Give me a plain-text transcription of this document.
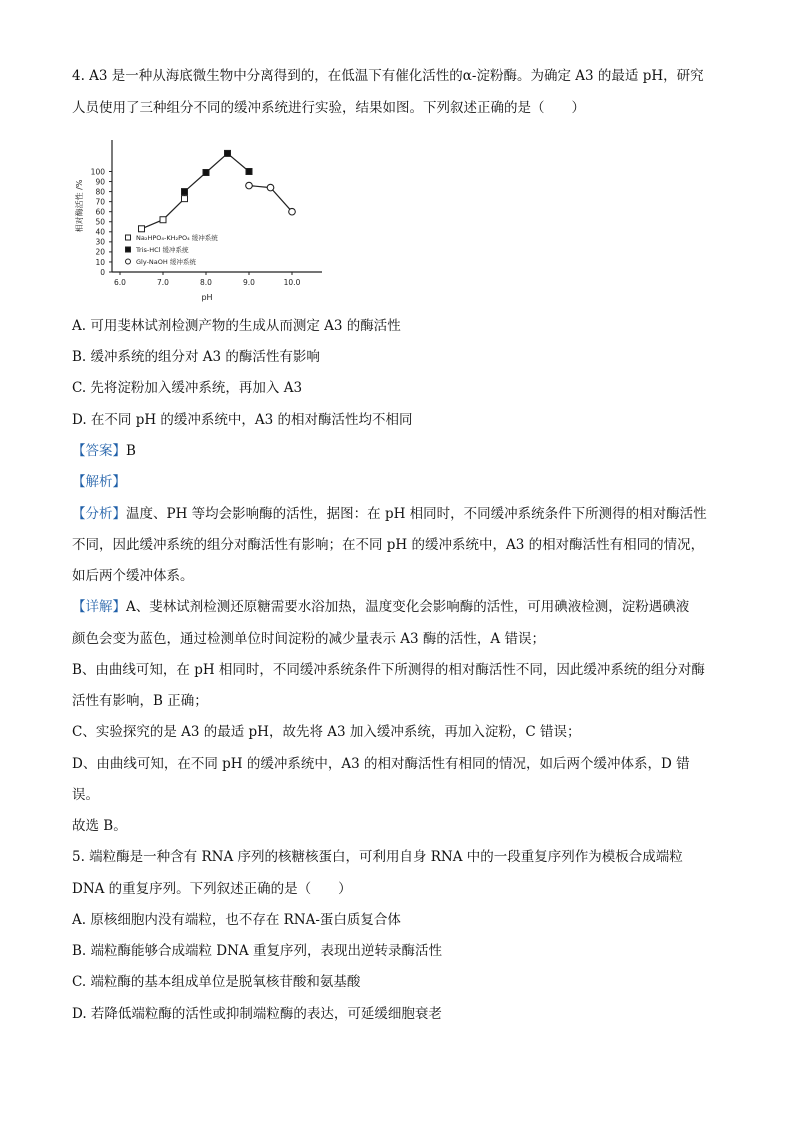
4. A3 是一种从海底微生物中分离得到的，在低温下有催化活性的α-淀粉酶。为确定 A3 的最适 pH，研究
人员使用了三种组分不同的缓冲系统进行实验，结果如图。下列叙述正确的是（　　）
0
10
20
30
40
50
60
70
80
90
100
6.0	7.0	8.0	9.0	10.0
相对酶活性 /%
pH
Na₂HPO₄-KH₂PO₄ 缓冲系统
Tris-HCl 缓冲系统
Gly-NaOH 缓冲系统
A. 可用斐林试剂检测产物的生成从而测定 A3 的酶活性
B. 缓冲系统的组分对 A3 的酶活性有影响
C. 先将淀粉加入缓冲系统，再加入 A3
D. 在不同 pH 的缓冲系统中，A3 的相对酶活性均不相同
【答案】B
【解析】
【分析】温度、PH 等均会影响酶的活性，据图：在 pH 相同时，不同缓冲系统条件下所测得的相对酶活性
不同，因此缓冲系统的组分对酶活性有影响；在不同 pH 的缓冲系统中，A3 的相对酶活性有相同的情况，
如后两个缓冲体系。
【详解】A、斐林试剂检测还原糖需要水浴加热，温度变化会影响酶的活性，可用碘液检测，淀粉遇碘液
颜色会变为蓝色，通过检测单位时间淀粉的减少量表示 A3 酶的活性，A 错误；
B、由曲线可知，在 pH 相同时，不同缓冲系统条件下所测得的相对酶活性不同，因此缓冲系统的组分对酶
活性有影响，B 正确；
C、实验探究的是 A3 的最适 pH，故先将 A3 加入缓冲系统，再加入淀粉，C 错误；
D、由曲线可知，在不同 pH 的缓冲系统中，A3 的相对酶活性有相同的情况，如后两个缓冲体系，D 错
误。
故选 B。
5. 端粒酶是一种含有 RNA 序列的核糖核蛋白，可利用自身 RNA 中的一段重复序列作为模板合成端粒
DNA 的重复序列。下列叙述正确的是（　　）
A. 原核细胞内没有端粒，也不存在 RNA-蛋白质复合体
B. 端粒酶能够合成端粒 DNA 重复序列，表现出逆转录酶活性
C. 端粒酶的基本组成单位是脱氧核苷酸和氨基酸
D. 若降低端粒酶的活性或抑制端粒酶的表达，可延缓细胞衰老
